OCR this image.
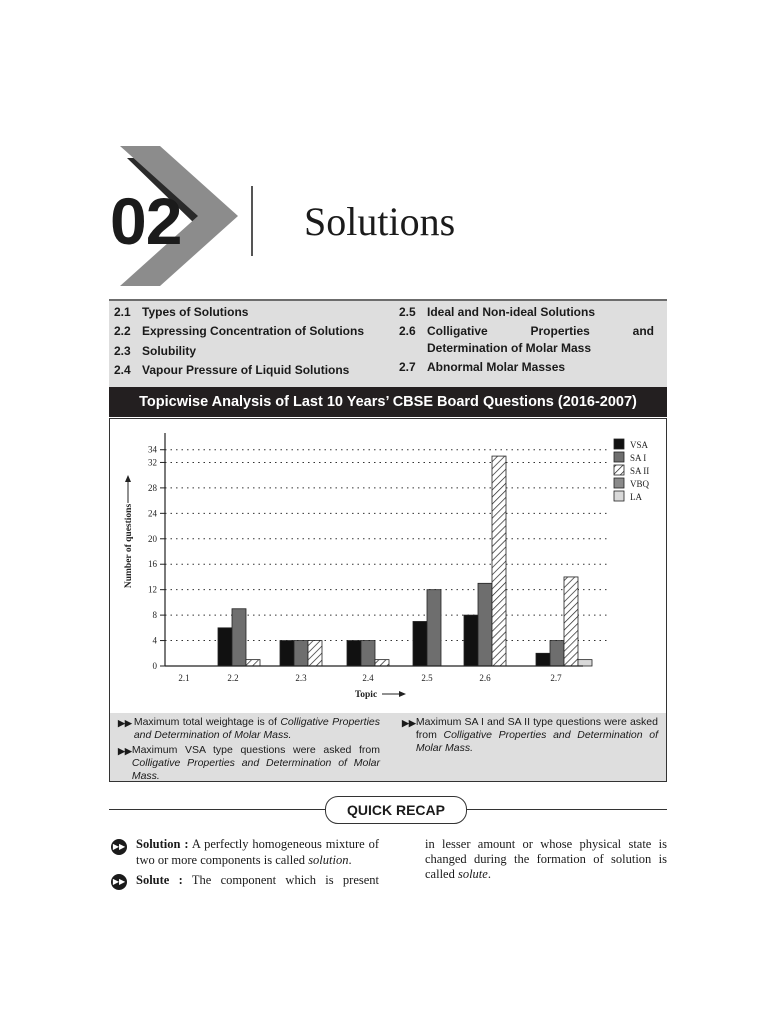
02	Solutions
2.1 Types of Solutions
2.2 Expressing Concentration of Solutions
2.3 Solubility
2.4 Vapour Pressure of Liquid Solutions
2.5 Ideal and Non-ideal Solutions
2.6 Colligative Properties and Determination of Molar Mass
2.7 Abnormal Molar Masses
Topicwise Analysis of Last 10 Years’ CBSE Board Questions (2016-2007)
0
4
8
12
16
20
24
28
32
34
2.1	2.2	2.3	2.4	2.5	2.6	2.7
Topic
Number of questions
VSA
SA I
SA II
VBQ
LA
▶▶ Maximum total weightage is of Colligative Properties and Determination of Molar Mass.
▶▶ Maximum VSA type questions were asked from Colligative Properties and Determination of Molar Mass.
▶▶ Maximum SA I and SA II type questions were asked from Colligative Properties and Determination of Molar Mass.
QUICK RECAP
▶▶ Solution : A perfectly homogeneous mixture of
two or more components is called solution.
▶▶ Solute : The component which is present
in lesser amount or whose physical state is
changed during the formation of solution is
called solute.
